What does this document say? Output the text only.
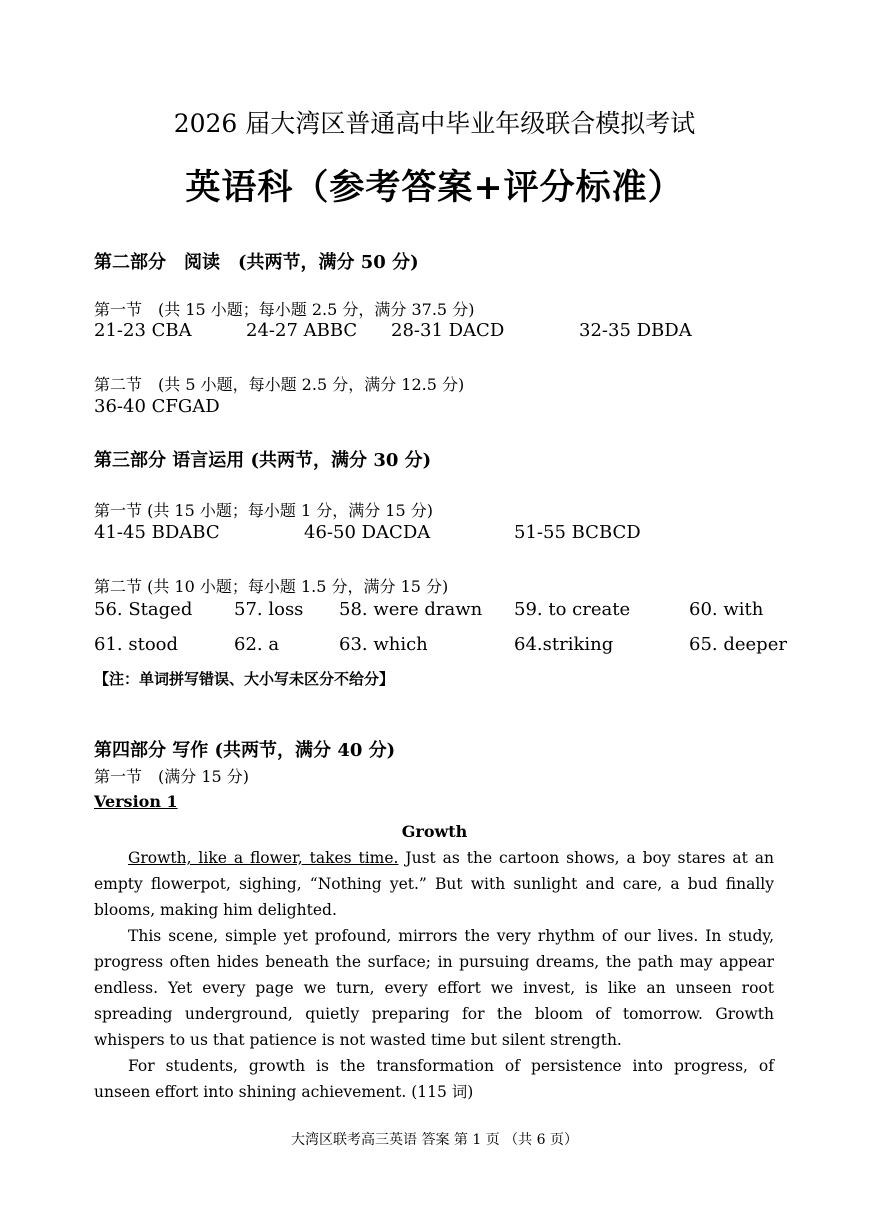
2026 届大湾区普通高中毕业年级联合模拟考试
英语科（参考答案+评分标准）
第二部分　阅读　(共两节，满分 50 分)
第一节　(共 15 小题；每小题 2.5 分，满分 37.5 分)
21-23 CBA	24-27 ABBC 28-31 DACD	32-35 DBDA
第二节　(共 5 小题，每小题 2.5 分，满分 12.5 分)
36-40 CFGAD
第三部分 语言运用 (共两节，满分 30 分)
第一节 (共 15 小题；每小题 1 分，满分 15 分)
41-45 BDABC	46-50 DACDA	51-55 BCBCD
第二节 (共 10 小题；每小题 1.5 分，满分 15 分)
56. Staged 57. loss 58. were drawn 59. to create	60. with
61. stood	62. a	63. which	64.striking	65. deeper
【注：单词拼写错误、大小写未区分不给分】
第四部分 写作 (共两节，满分 40 分)
第一节　(满分 15 分)
Version 1
Growth

Growth, like a flower, takes time. Just as the cartoon shows, a boy stares at an empty flowerpot, sighing, “Nothing yet.” But with sunlight and care, a bud finally blooms, making him delighted.

This scene, simple yet profound, mirrors the very rhythm of our lives. In study, progress often hides beneath the surface; in pursuing dreams, the path may appear endless. Yet every page we turn, every effort we invest, is like an unseen root spreading underground, quietly preparing for the bloom of tomorrow. Growth whispers to us that patience is not wasted time but silent strength.

For students, growth is the transformation of persistence into progress, of unseen effort into shining achievement. (115 词)

大湾区联考高三英语 答案 第 1 页 （共 6 页）
